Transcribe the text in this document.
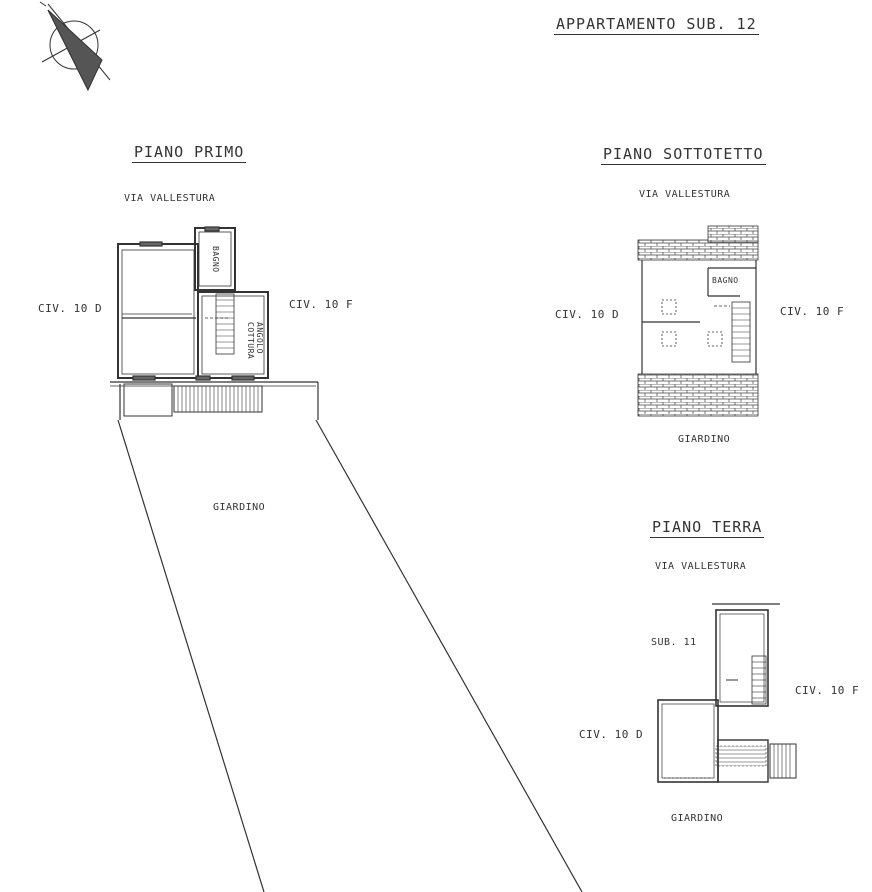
APPARTAMENTO SUB. 12
PIANO PRIMO
VIA VALLESTURA
CIV. 10 D	CIV. 10 F
BAGNO
ANGOLO
COTTURA
GIARDINO
PIANO SOTTOTETTO
VIA VALLESTURA
CIV. 10 D	CIV. 10 F
BAGNO
GIARDINO
PIANO TERRA
VIA VALLESTURA
SUB. 11
CIV. 10 F
CIV. 10 D
GIARDINO
